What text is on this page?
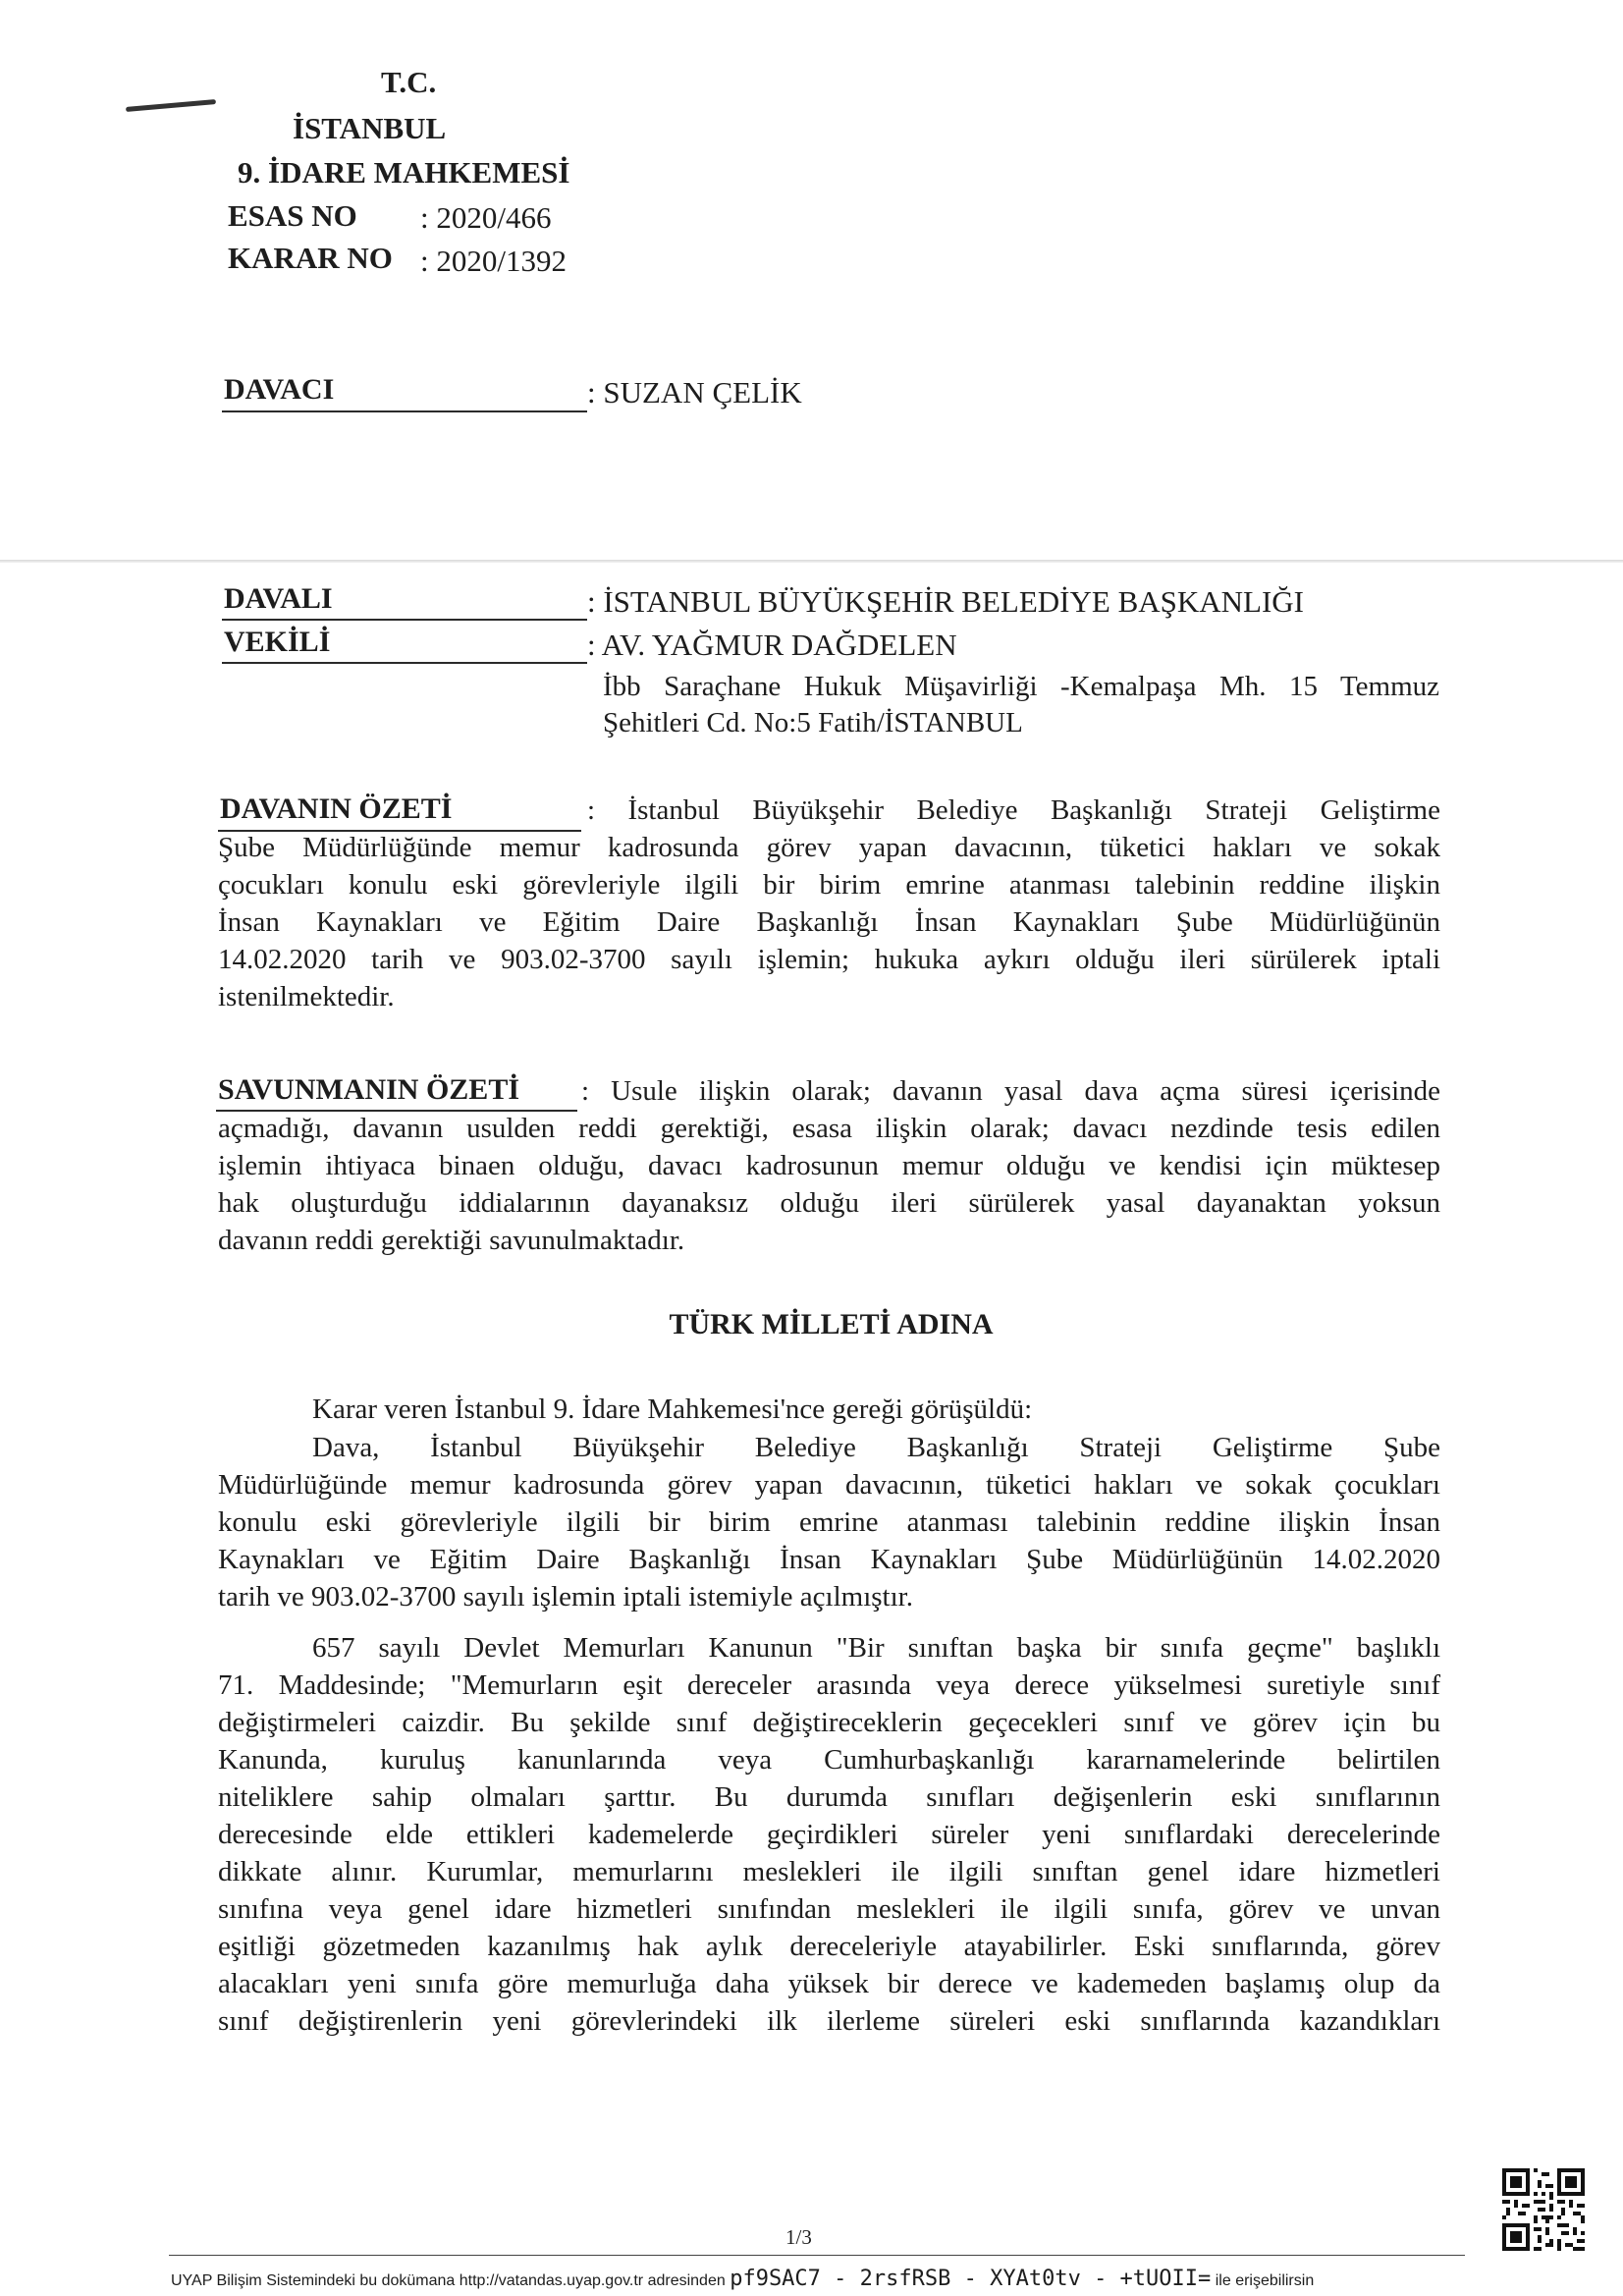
T.C.
İSTANBUL
9. İDARE MAHKEMESİ
ESAS NO : 2020/466
KARAR NO : 2020/1392
DAVACI	: SUZAN ÇELİK
DAVALI	: İSTANBUL BÜYÜKŞEHİR BELEDİYE BAŞKANLIĞI
VEKİLİ	: AV. YAĞMUR DAĞDELEN
İbb Saraçhane Hukuk Müşavirliği -Kemalpaşa Mh. 15 Temmuz
Şehitleri Cd. No:5 Fatih/İSTANBUL
DAVANIN ÖZETİ	: İstanbul Büyükşehir Belediye Başkanlığı Strateji Geliştirme
Şube Müdürlüğünde memur kadrosunda görev yapan davacının, tüketici hakları ve sokak
çocukları konulu eski görevleriyle ilgili bir birim emrine atanması talebinin reddine ilişkin
İnsan Kaynakları ve Eğitim Daire Başkanlığı İnsan Kaynakları Şube Müdürlüğünün
14.02.2020 tarih ve 903.02-3700 sayılı işlemin; hukuka aykırı olduğu ileri sürülerek iptali
istenilmektedir.
SAVUNMANIN ÖZETİ : Usule ilişkin olarak; davanın yasal dava açma süresi içerisinde
açmadığı, davanın usulden reddi gerektiği, esasa ilişkin olarak; davacı nezdinde tesis edilen
işlemin ihtiyaca binaen olduğu, davacı kadrosunun memur olduğu ve kendisi için müktesep
hak oluşturduğu iddialarının dayanaksız olduğu ileri sürülerek yasal dayanaktan yoksun
davanın reddi gerektiği savunulmaktadır.
TÜRK MİLLETİ ADINA
Karar veren İstanbul 9. İdare Mahkemesi'nce gereği görüşüldü:
Dava, İstanbul Büyükşehir Belediye Başkanlığı Strateji Geliştirme Şube
Müdürlüğünde memur kadrosunda görev yapan davacının, tüketici hakları ve sokak çocukları
konulu eski görevleriyle ilgili bir birim emrine atanması talebinin reddine ilişkin İnsan
Kaynakları ve Eğitim Daire Başkanlığı İnsan Kaynakları Şube Müdürlüğünün 14.02.2020
tarih ve 903.02-3700 sayılı işlemin iptali istemiyle açılmıştır.
657 sayılı Devlet Memurları Kanunun "Bir sınıftan başka bir sınıfa geçme" başlıklı
71. Maddesinde; "Memurların eşit dereceler arasında veya derece yükselmesi suretiyle sınıf
değiştirmeleri caizdir. Bu şekilde sınıf değiştireceklerin geçecekleri sınıf ve görev için bu
Kanunda, kuruluş kanunlarında veya Cumhurbaşkanlığı kararnamelerinde belirtilen
niteliklere sahip olmaları şarttır. Bu durumda sınıfları değişenlerin eski sınıflarının
derecesinde elde ettikleri kademelerde geçirdikleri süreler yeni sınıflardaki derecelerinde
dikkate alınır. Kurumlar, memurlarını meslekleri ile ilgili sınıftan genel idare hizmetleri
sınıfına veya genel idare hizmetleri sınıfından meslekleri ile ilgili sınıfa, görev ve unvan
eşitliği gözetmeden kazanılmış hak aylık dereceleriyle atayabilirler. Eski sınıflarında, görev
alacakları yeni sınıfa göre memurluğa daha yüksek bir derece ve kademeden başlamış olup da
sınıf değiştirenlerin yeni görevlerindeki ilk ilerleme süreleri eski sınıflarında kazandıkları
1/3
UYAP Bilişim Sistemindeki bu dokümana http://vatandas.uyap.gov.tr adresinden pf9SAC7 - 2rsfRSB - XYAt0tv - +tUOII= ile erişebilirsin
